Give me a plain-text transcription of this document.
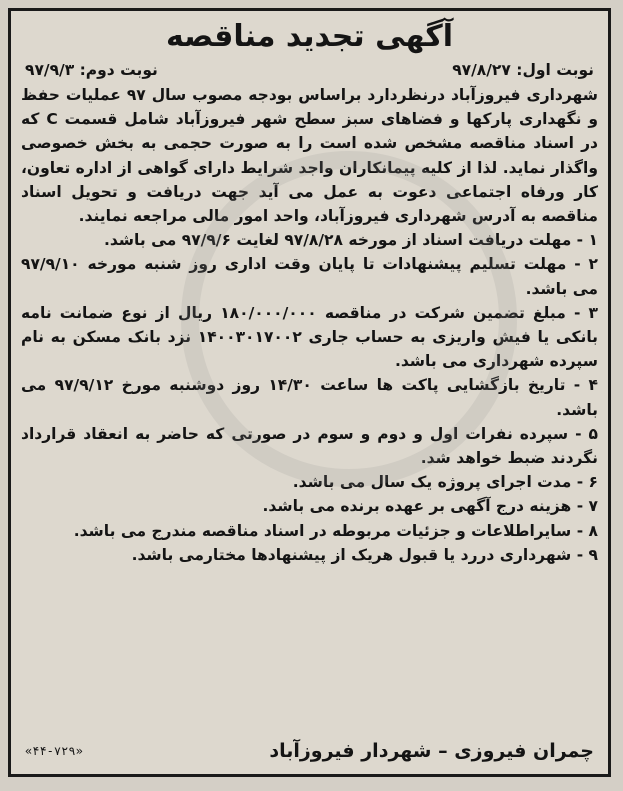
آگهی تجدید مناقصه
نوبت اول: ۹۷/۸/۲۷
نوبت دوم: ۹۷/۹/۳

شهرداری فیروزآباد درنظردارد براساس بودجه مصوب سال ۹۷ عملیات حفظ و نگهداری پارکها و فضاهای سبز سطح شهر فیروزآباد شامل قسمت C که در اسناد مناقصه مشخص شده است را به صورت حجمی به بخش خصوصی واگذار نماید. لذا از کلیه پیمانکاران واجد شرایط دارای گواهی از اداره تعاون، کار ورفاه اجتماعی دعوت به عمل می آید جهت دریافت و تحویل اسناد مناقصه به آدرس شهرداری فیروزآباد، واحد امور مالی مراجعه نمایند.

۱ - مهلت دریافت اسناد از مورخه ۹۷/۸/۲۸ لغایت ۹۷/۹/۶ می باشد.

۲ - مهلت تسلیم پیشنهادات تا پایان وقت اداری روز شنبه مورخه ۹۷/۹/۱۰ می باشد.

۳ - مبلغ تضمین شرکت در مناقصه ۱۸۰/۰۰۰/۰۰۰ ریال از نوع ضمانت نامه بانکی یا فیش واریزی به حساب جاری ۱۴۰۰۳۰۱۷۰۰۲ نزد بانک مسکن به نام سپرده شهرداری می باشد.

۴ - تاریخ بازگشایی پاکت ها ساعت ۱۴/۳۰ روز دوشنبه مورخ ۹۷/۹/۱۲ می باشد.

۵ - سپرده نفرات اول و دوم و سوم در صورتی که حاضر به انعقاد قرارداد نگردند ضبط خواهد شد.

۶ - مدت اجرای پروژه یک سال می باشد.

۷ - هزینه درج آگهی بر عهده برنده می باشد.

۸ - سایراطلاعات و جزئیات مربوطه در اسناد مناقصه مندرج می باشد.

۹ - شهرداری دررد یا قبول هریک از پیشنهادها مختارمی باشد.

چمران فیروزی – شهردار فیروزآباد
«۴۴-۷۲۹»
